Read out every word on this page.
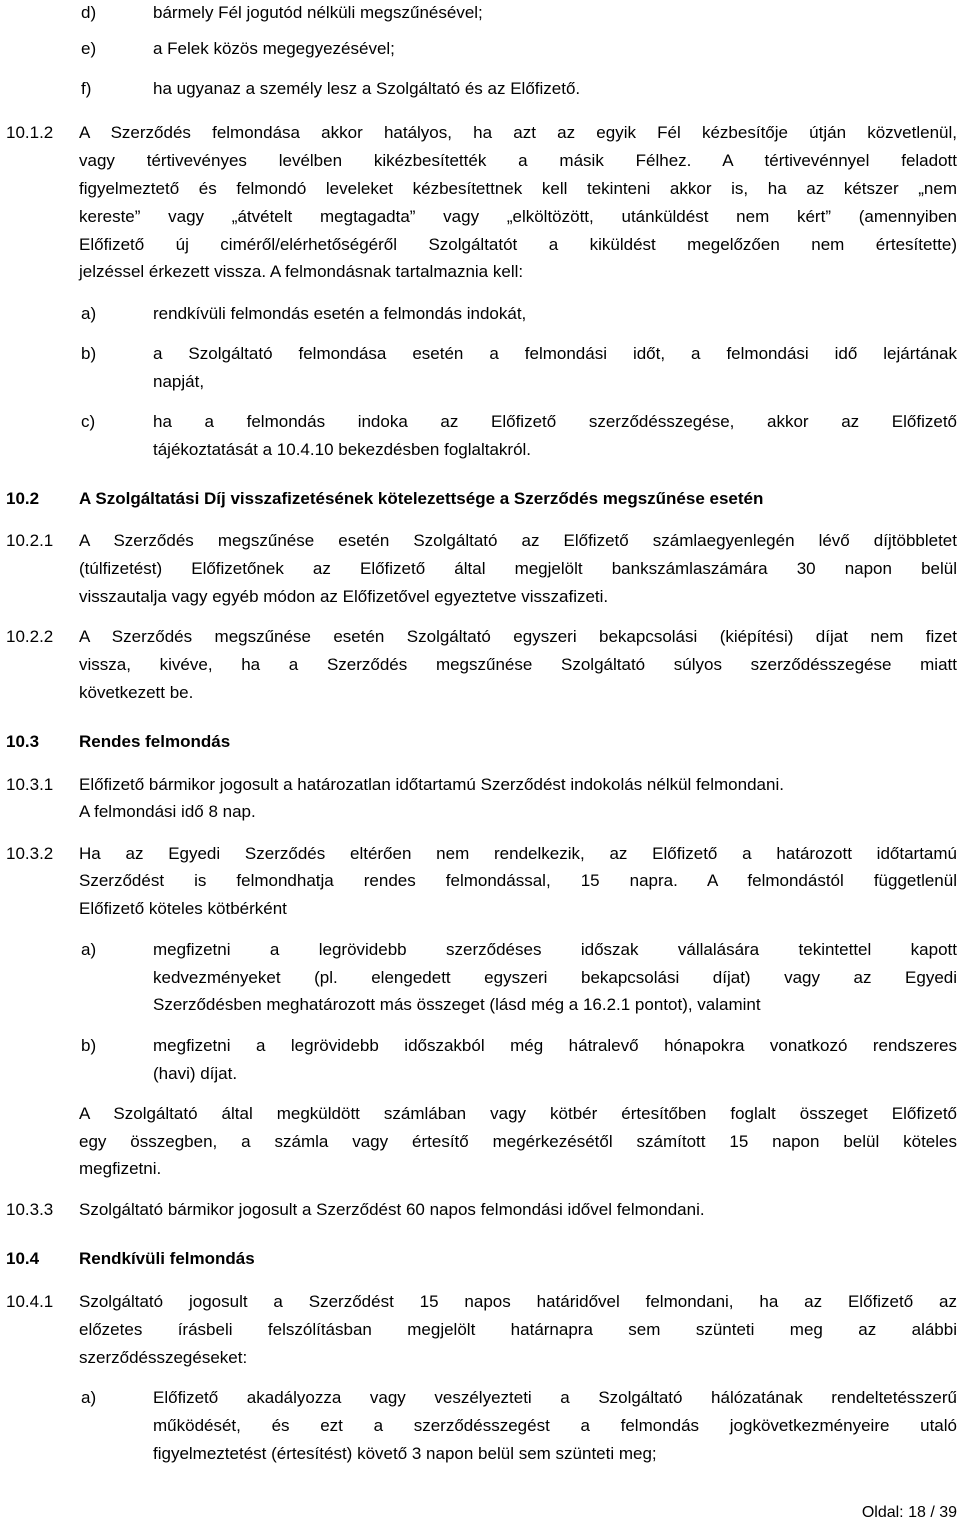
d)	bármely Fél jogutód nélküli megszűnésével;
e)	a Felek közös megegyezésével;
f)	ha ugyanaz a személy lesz a Szolgáltató és az Előfizető.
10.1.2 A Szerződés felmondása akkor hatályos, ha azt az egyik Fél kézbesítője útján közvetlenül,
vagy tértivevényes levélben kikézbesítették a másik Félhez. A tértivevénnyel feladott
figyelmeztető és felmondó leveleket kézbesítettnek kell tekinteni akkor is, ha az kétszer „nem
kereste” vagy „átvételt megtagadta” vagy „elköltözött, utánküldést nem kért” (amennyiben
Előfizető új ciméről/elérhetőségéről Szolgáltatót a kiküldést megelőzően nem értesítette)
jelzéssel érkezett vissza. A felmondásnak tartalmaznia kell:
a)	rendkívüli felmondás esetén a felmondás indokát,
b)	a Szolgáltató felmondása esetén a felmondási időt, a felmondási idő lejártának
napját,
c)	ha a felmondás indoka az Előfizető szerződésszegése, akkor az Előfizető
tájékoztatását a 10.4.10 bekezdésben foglaltakról.
10.2 A Szolgáltatási Díj visszafizetésének kötelezettsége a Szerződés megszűnése esetén
10.2.1 A Szerződés megszűnése esetén Szolgáltató az Előfizető számlaegyenlegén lévő díjtöbbletet
(túlfizetést) Előfizetőnek az Előfizető által megjelölt bankszámlaszámára 30 napon belül
visszautalja vagy egyéb módon az Előfizetővel egyeztetve visszafizeti.
10.2.2 A Szerződés megszűnése esetén Szolgáltató egyszeri bekapcsolási (kiépítési) díjat nem fizet
vissza, kivéve, ha a Szerződés megszűnése Szolgáltató súlyos szerződésszegése miatt
következett be.
10.3 Rendes felmondás
10.3.1 Előfizető bármikor jogosult a határozatlan időtartamú Szerződést indokolás nélkül felmondani.
A felmondási idő 8 nap.
10.3.2 Ha az Egyedi Szerződés eltérően nem rendelkezik, az Előfizető a határozott időtartamú
Szerződést is felmondhatja rendes felmondással, 15 napra. A felmondástól függetlenül
Előfizető köteles kötbérként
a)	megfizetni a legrövidebb szerződéses időszak vállalására tekintettel kapott
kedvezményeket (pl. elengedett egyszeri bekapcsolási díjat) vagy az Egyedi
Szerződésben meghatározott más összeget (lásd még a 16.2.1 pontot), valamint
b)	megfizetni a legrövidebb időszakból még hátralevő hónapokra vonatkozó rendszeres
(havi) díjat.
A Szolgáltató által megküldött számlában vagy kötbér értesítőben foglalt összeget Előfizető
egy összegben, a számla vagy értesítő megérkezésétől számított 15 napon belül köteles
megfizetni.
10.3.3 Szolgáltató bármikor jogosult a Szerződést 60 napos felmondási idővel felmondani.
10.4 Rendkívüli felmondás
10.4.1 Szolgáltató jogosult a Szerződést 15 napos határidővel felmondani, ha az Előfizető az
előzetes írásbeli felszólításban megjelölt határnapra sem szünteti meg az alábbi
szerződésszegéseket:
a)	Előfizető akadályozza vagy veszélyezteti a Szolgáltató hálózatának rendeltetésszerű
működését, és ezt a szerződésszegést a felmondás jogkövetkezményeire utaló
figyelmeztetést (értesítést) követő 3 napon belül sem szünteti meg;
Oldal: 18 / 39
